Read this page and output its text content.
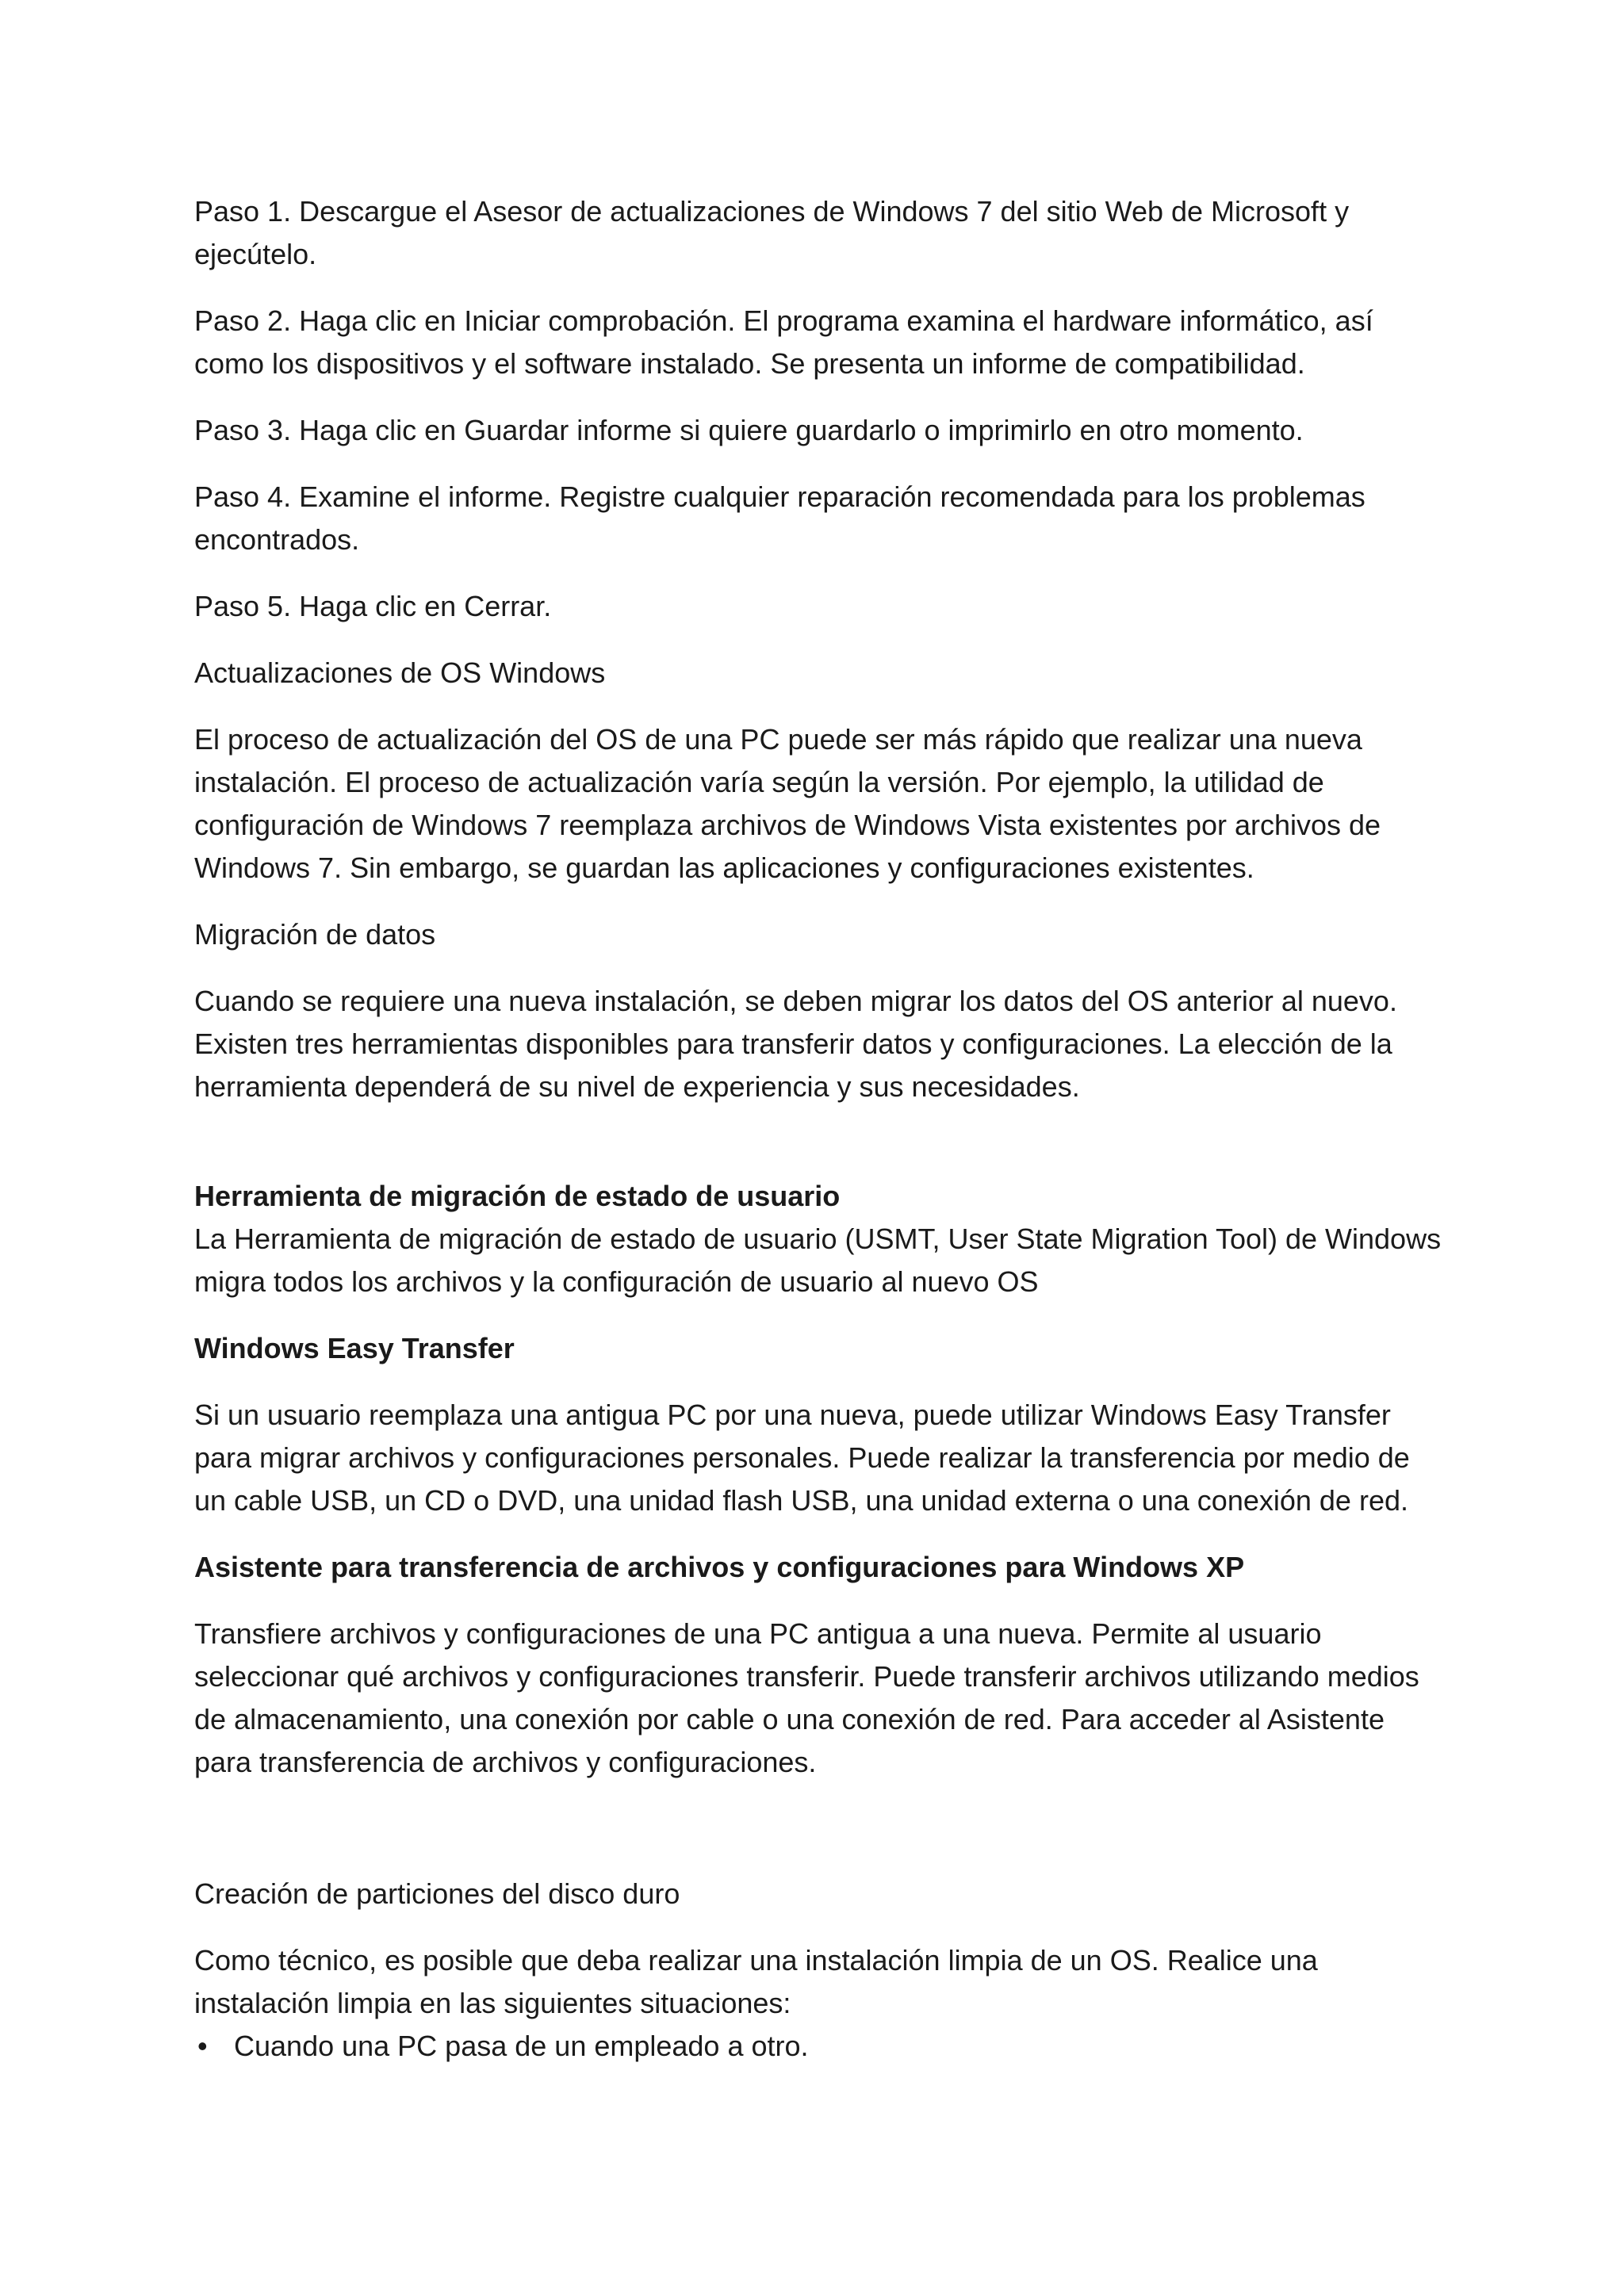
Paso 1. Descargue el Asesor de actualizaciones de Windows 7 del sitio Web de Microsoft y ejecútelo.

Paso 2. Haga clic en Iniciar comprobación. El programa examina el hardware informático, así como los dispositivos y el software instalado. Se presenta un informe de compatibilidad.

Paso 3. Haga clic en Guardar informe si quiere guardarlo o imprimirlo en otro momento.

Paso 4. Examine el informe. Registre cualquier reparación recomendada para los problemas encontrados.

Paso 5. Haga clic en Cerrar.

Actualizaciones de OS Windows

El proceso de actualización del OS de una PC puede ser más rápido que realizar una nueva instalación. El proceso de actualización varía según la versión. Por ejemplo, la utilidad de configuración de Windows 7 reemplaza archivos de Windows Vista existentes por archivos de Windows 7. Sin embargo, se guardan las aplicaciones y configuraciones existentes.

Migración de datos

Cuando se requiere una nueva instalación, se deben migrar los datos del OS anterior al nuevo. Existen tres herramientas disponibles para transferir datos y configuraciones. La elección de la herramienta dependerá de su nivel de experiencia y sus necesidades.

Herramienta de migración de estado de usuario

La Herramienta de migración de estado de usuario (USMT, User State Migration Tool) de Windows migra todos los archivos y la configuración de usuario al nuevo OS

Windows Easy Transfer

Si un usuario reemplaza una antigua PC por una nueva, puede utilizar Windows Easy Transfer para migrar archivos y configuraciones personales. Puede realizar la transferencia por medio de un cable USB, un CD o DVD, una unidad flash USB, una unidad externa o una conexión de red.

Asistente para transferencia de archivos y configuraciones para Windows XP

Transfiere archivos y configuraciones de una PC antigua a una nueva. Permite al usuario seleccionar qué archivos y configuraciones transferir. Puede transferir archivos utilizando medios de almacenamiento, una conexión por cable o una conexión de red. Para acceder al Asistente para transferencia de archivos y configuraciones.

Creación de particiones del disco duro

Como técnico, es posible que deba realizar una instalación limpia de un OS. Realice una instalación limpia en las siguientes situaciones:

• Cuando una PC pasa de un empleado a otro.
